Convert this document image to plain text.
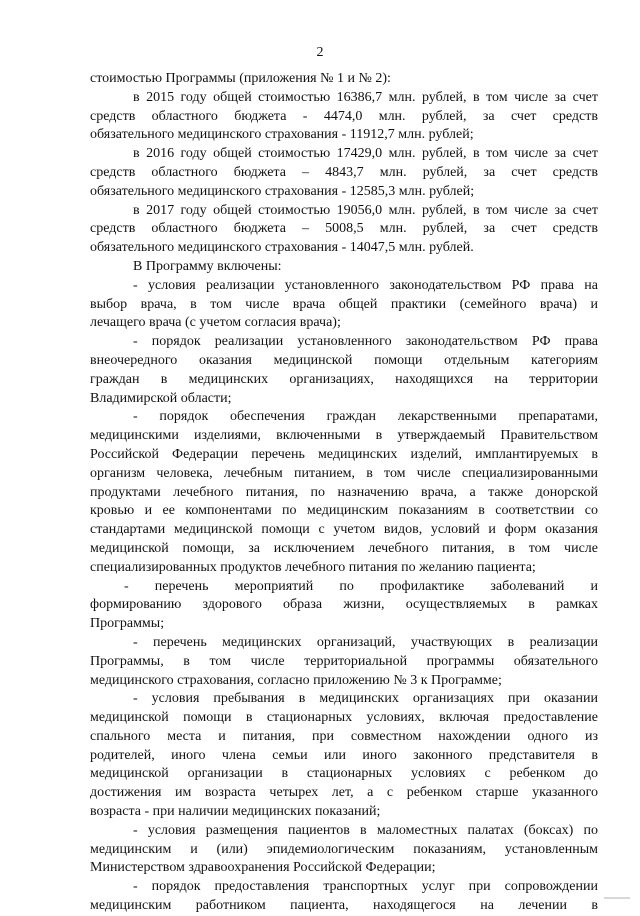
2
стоимостью Программы (приложения № 1 и № 2):
в 2015 году общей стоимостью 16386,7 млн. рублей, в том числе за счет
средств областного бюджета - 4474,0 млн. рублей, за счет средств
обязательного медицинского страхования - 11912,7 млн. рублей;
в 2016 году общей стоимостью 17429,0 млн. рублей, в том числе за счет
средств областного бюджета – 4843,7 млн. рублей, за счет средств
обязательного медицинского страхования - 12585,3 млн. рублей;
в 2017 году общей стоимостью 19056,0 млн. рублей, в том числе за счет
средств областного бюджета – 5008,5 млн. рублей, за счет средств
обязательного медицинского страхования - 14047,5 млн. рублей.
В Программу включены:
- условия реализации установленного законодательством РФ права на
выбор врача, в том числе врача общей практики (семейного врача) и
лечащего врача (с учетом согласия врача);
- порядок реализации установленного законодательством РФ права
внеочередного оказания медицинской помощи отдельным категориям
граждан в медицинских организациях, находящихся на территории
Владимирской области;
- порядок обеспечения граждан лекарственными препаратами,
медицинскими изделиями, включенными в утверждаемый Правительством
Российской Федерации перечень медицинских изделий, имплантируемых в
организм человека, лечебным питанием, в том числе специализированными
продуктами лечебного питания, по назначению врача, а также донорской
кровью и ее компонентами по медицинским показаниям в соответствии со
стандартами медицинской помощи с учетом видов, условий и форм оказания
медицинской помощи, за исключением лечебного питания, в том числе
специализированных продуктов лечебного питания по желанию пациента;
- перечень мероприятий по профилактике заболеваний и
формированию здорового образа жизни, осуществляемых в рамках
Программы;
- перечень медицинских организаций, участвующих в реализации
Программы, в том числе территориальной программы обязательного
медицинского страхования, согласно приложению № 3 к Программе;
- условия пребывания в медицинских организациях при оказании
медицинской помощи в стационарных условиях, включая предоставление
спального места и питания, при совместном нахождении одного из
родителей, иного члена семьи или иного законного представителя в
медицинской организации в стационарных условиях с ребенком до
достижения им возраста четырех лет, а с ребенком старше указанного
возраста - при наличии медицинских показаний;
- условия размещения пациентов в маломестных палатах (боксах) по
медицинским и (или) эпидемиологическим показаниям, установленным
Министерством здравоохранения Российской Федерации;
- порядок предоставления транспортных услуг при сопровождении
медицинским работником пациента, находящегося на лечении в
